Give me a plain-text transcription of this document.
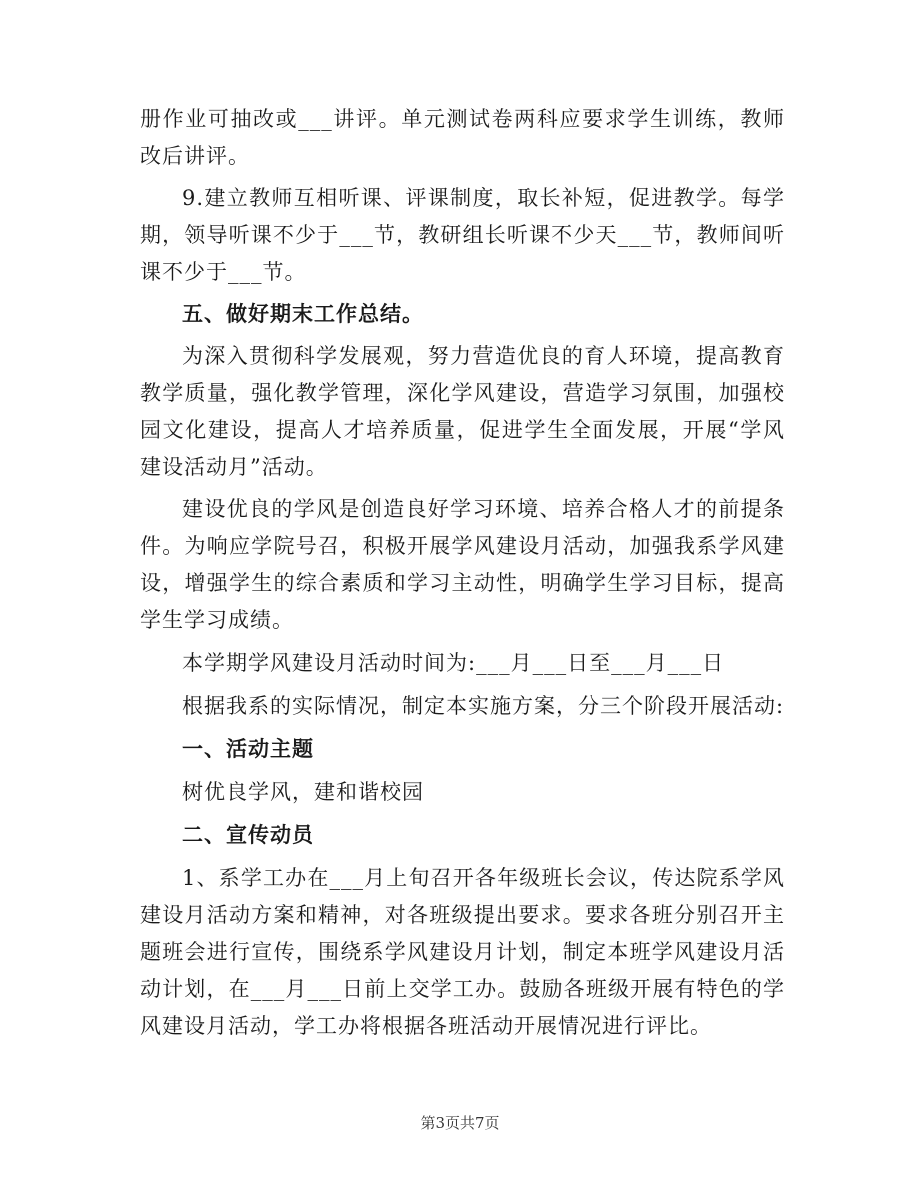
册作业可抽改或___讲评。单元测试卷两科应要求学生训练，教师改后讲评。

9.建立教师互相听课、评课制度，取长补短，促进教学。每学期，领导听课不少于___节，教研组长听课不少天___节，教师间听课不少于___节。

五、做好期末工作总结。

为深入贯彻科学发展观，努力营造优良的育人环境，提高教育教学质量，强化教学管理，深化学风建设，营造学习氛围，加强校园文化建设，提高人才培养质量，促进学生全面发展，开展“学风建设活动月”活动。

建设优良的学风是创造良好学习环境、培养合格人才的前提条件。为响应学院号召，积极开展学风建设月活动，加强我系学风建设，增强学生的综合素质和学习主动性，明确学生学习目标，提高学生学习成绩。

本学期学风建设月活动时间为:___月___日至___月___日

根据我系的实际情况，制定本实施方案，分三个阶段开展活动:

一、活动主题

树优良学风，建和谐校园

二、宣传动员

1、系学工办在___月上旬召开各年级班长会议，传达院系学风建设月活动方案和精神，对各班级提出要求。要求各班分别召开主题班会进行宣传，围绕系学风建设月计划，制定本班学风建设月活动计划，在___月___日前上交学工办。鼓励各班级开展有特色的学风建设月活动，学工办将根据各班活动开展情况进行评比。

第3页共7页
